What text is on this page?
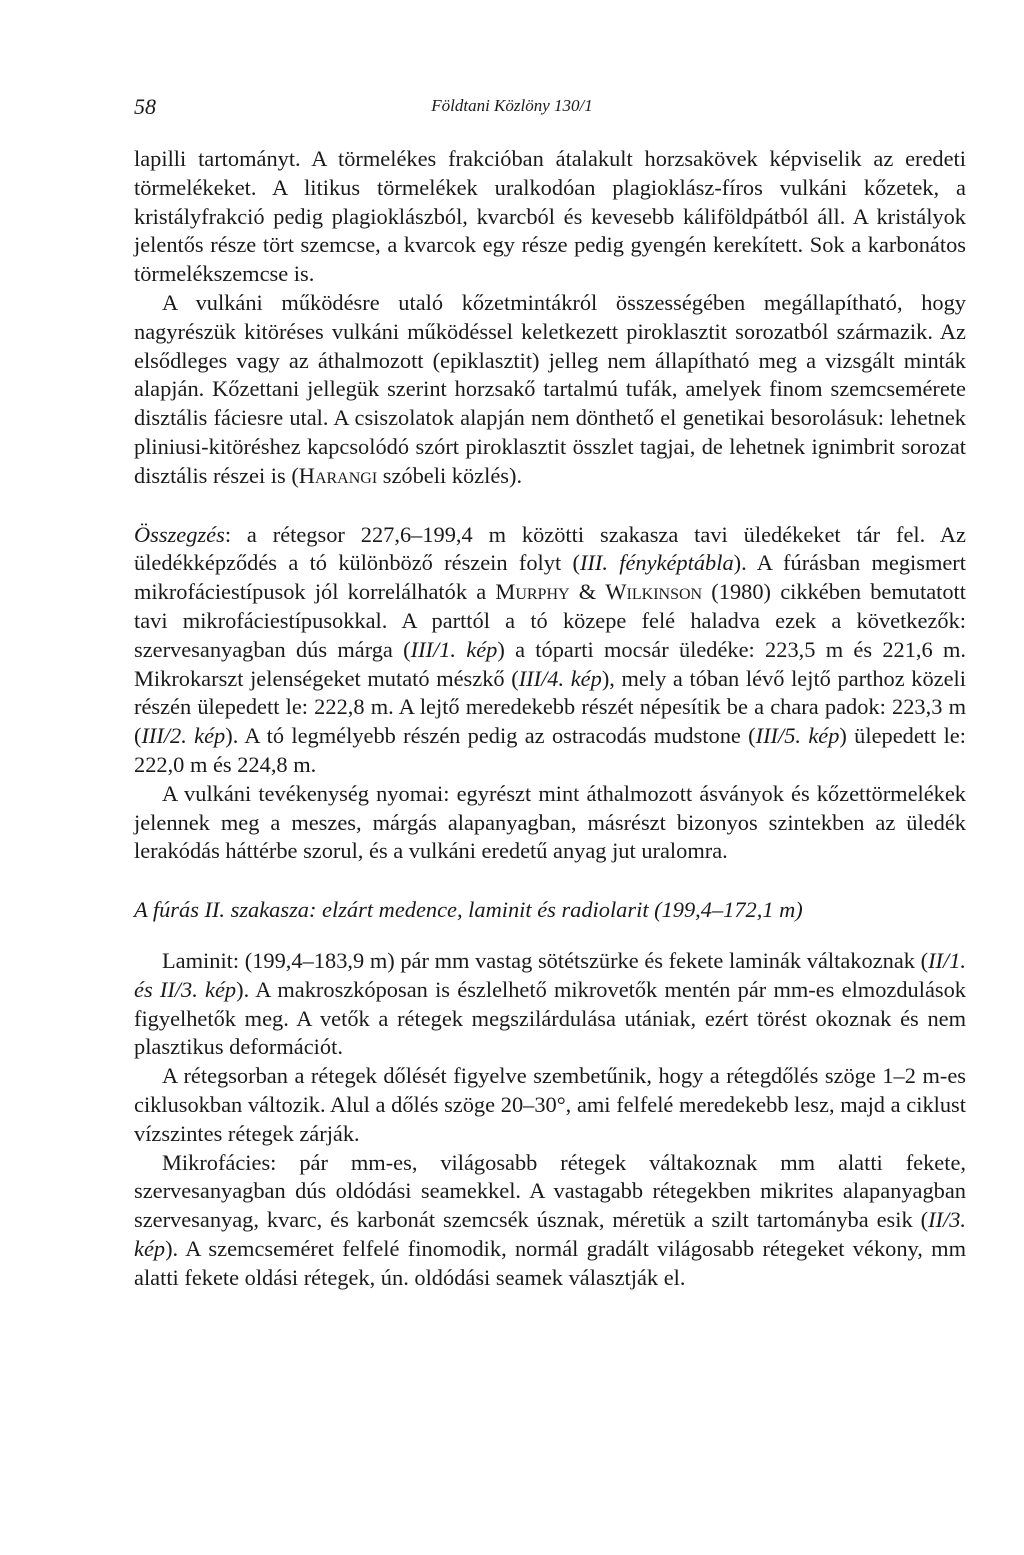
58	Földtani Közlöny 130/1

lapilli tartományt. A törmelékes frakcióban átalakult horzsakövek képviselik az eredeti törmelékeket. A litikus törmelékek uralkodóan plagioklász-fíros vulkáni kőzetek, a kristályfrakció pedig plagioklászból, kvarcból és kevesebb káliföldpátból áll. A kristályok jelentős része tört szemcse, a kvarcok egy része pedig gyengén kerekített. Sok a karbonátos törmelékszemcse is.

A vulkáni működésre utaló kőzetmintákról összességében megállapítható, hogy nagyrészük kitöréses vulkáni működéssel keletkezett piroklasztit sorozatból származik. Az elsődleges vagy az áthalmozott (epiklasztit) jelleg nem állapítható meg a vizsgált minták alapján. Kőzettani jellegük szerint horzsakő tartalmú tufák, amelyek finom szemcsemérete disztális fáciesre utal. A csiszolatok alapján nem dönthető el genetikai besorolásuk: lehetnek pliniusi-kitöréshez kapcsolódó szórt piroklasztit összlet tagjai, de lehetnek ignimbrit sorozat disztális részei is (Harangi szóbeli közlés).

Összegzés: a rétegsor 227,6–199,4 m közötti szakasza tavi üledékeket tár fel. Az üledékképződés a tó különböző részein folyt (III. fényképtábla). A fúrásban megismert mikrofáciestípusok jól korrelálhatók a Murphy & Wilkinson (1980) cikkében bemutatott tavi mikrofáciestípusokkal. A parttól a tó közepe felé haladva ezek a következők: szervesanyagban dús márga (III/1. kép) a tóparti mocsár üledéke: 223,5 m és 221,6 m. Mikrokarszt jelenségeket mutató mészkő (III/4. kép), mely a tóban lévő lejtő parthoz közeli részén ülepedett le: 222,8 m. A lejtő meredekebb részét népesítik be a chara padok: 223,3 m (III/2. kép). A tó legmélyebb részén pedig az ostracodás mudstone (III/5. kép) ülepedett le: 222,0 m és 224,8 m.

A vulkáni tevékenység nyomai: egyrészt mint áthalmozott ásványok és kőzettörmelékek jelennek meg a meszes, márgás alapanyagban, másrészt bizonyos szintekben az üledék lerakódás háttérbe szorul, és a vulkáni eredetű anyag jut uralomra.

A fúrás II. szakasza: elzárt medence, laminit és radiolarit (199,4–172,1 m)

Laminit: (199,4–183,9 m) pár mm vastag sötétszürke és fekete laminák váltakoznak (II/1. és II/3. kép). A makroszkóposan is észlelhető mikrovetők mentén pár mm-es elmozdulások figyelhetők meg. A vetők a rétegek megszilárdulása utániak, ezért törést okoznak és nem plasztikus deformációt.

A rétegsorban a rétegek dőlését figyelve szembetűnik, hogy a rétegdőlés szöge 1–2 m-es ciklusokban változik. Alul a dőlés szöge 20–30°, ami felfelé meredekebb lesz, majd a ciklust vízszintes rétegek zárják.

Mikrofácies: pár mm-es, világosabb rétegek váltakoznak mm alatti fekete, szervesanyagban dús oldódási seamekkel. A vastagabb rétegekben mikrites alapanyagban szervesanyag, kvarc, és karbonát szemcsék úsznak, méretük a szilt tartományba esik (II/3. kép). A szemcseméret felfelé finomodik, normál gradált világosabb rétegeket vékony, mm alatti fekete oldási rétegek, ún. oldódási seamek választják el.
